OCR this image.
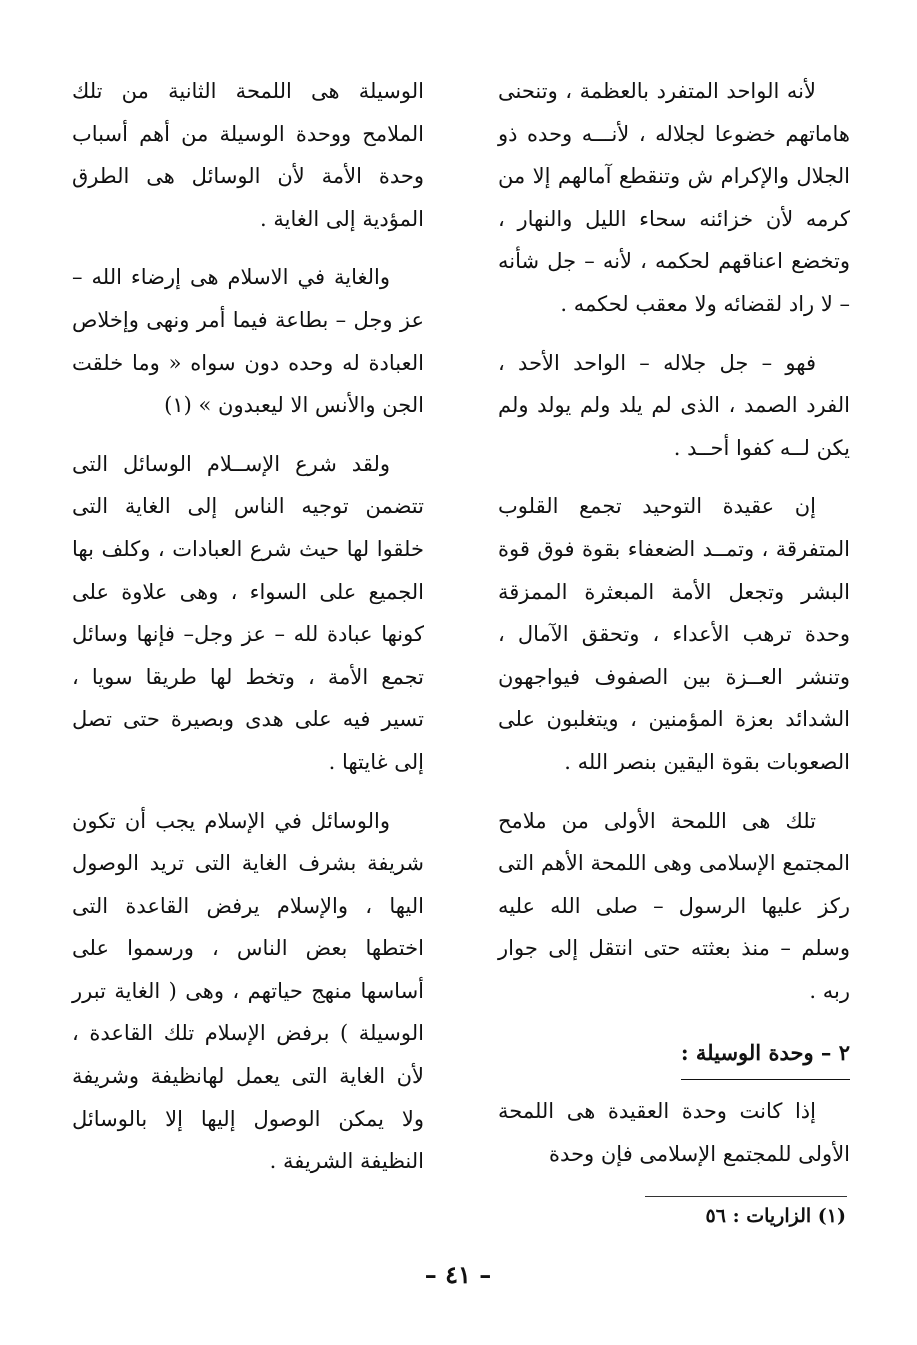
لأنه الواحد المتفرد بالعظمة ، وتنحنى هاماتهم خضوعا لجلاله ، لأنـــه وحده ذو الجلال والإكرام ش وتنقطع آمالهم إلا من كرمه لأن خزائنه سحاء الليل والنهار ، وتخضع اعناقهم لحكمه ، لأنه – جل شأنه – لا راد لقضائه ولا معقب لحكمه .

فهو – جل جلاله – الواحد الأحد ، الفرد الصمد ، الذى لم يلد ولم يولد ولم يكن لــه كفوا أحــد .

إن عقيدة التوحيد تجمع القلوب المتفرقة ، وتمــد الضعفاء بقوة فوق قوة البشر وتجعل الأمة المبعثرة الممزقة وحدة ترهب الأعداء ، وتحقق الآمال ، وتنشر العــزة بين الصفوف فيواجهون الشدائد بعزة المؤمنين ، ويتغلبون على الصعوبات بقوة اليقين بنصر الله .

تلك هى اللمحة الأولى من ملامح المجتمع الإسلامى وهى اللمحة الأهم التى ركز عليها الرسول – صلى الله عليه وسلم – منذ بعثته حتى انتقل إلى جوار ربه .

٢ – وحدة الوسيلة :

إذا كانت وحدة العقيدة هى اللمحة الأولى للمجتمع الإسلامى فإن وحدة

الوسيلة هى اللمحة الثانية من تلك الملامح ووحدة الوسيلة من أهم أسباب وحدة الأمة لأن الوسائل هى الطرق المؤدية إلى الغاية .

والغاية في الاسلام هى إرضاء الله – عز وجل – بطاعة فيما أمر ونهى وإخلاص العبادة له وحده دون سواه « وما خلقت الجن والأنس الا ليعبدون » (١)

ولقد شرع الإســلام الوسائل التى تتضمن توجيه الناس إلى الغاية التى خلقوا لها حيث شرع العبادات ، وكلف بها الجميع على السواء ، وهى علاوة على كونها عبادة لله – عز وجل– فإنها وسائل تجمع الأمة ، وتخط لها طريقا سويا ، تسير فيه على هدى وبصيرة حتى تصل إلى غايتها .

والوسائل في الإسلام يجب أن تكون شريفة بشرف الغاية التى تريد الوصول اليها ، والإسلام يرفض القاعدة التى اختطها بعض الناس ، ورسموا على أساسها منهج حياتهم ، وهى ( الغاية تبرر الوسيلة ) برفض الإسلام تلك القاعدة ، لأن الغاية التى يعمل لهانظيفة وشريفة ولا يمكن الوصول إليها إلا بالوسائل النظيفة الشريفة .

(١) الزاريات : ٥٦
– ٤١ –
